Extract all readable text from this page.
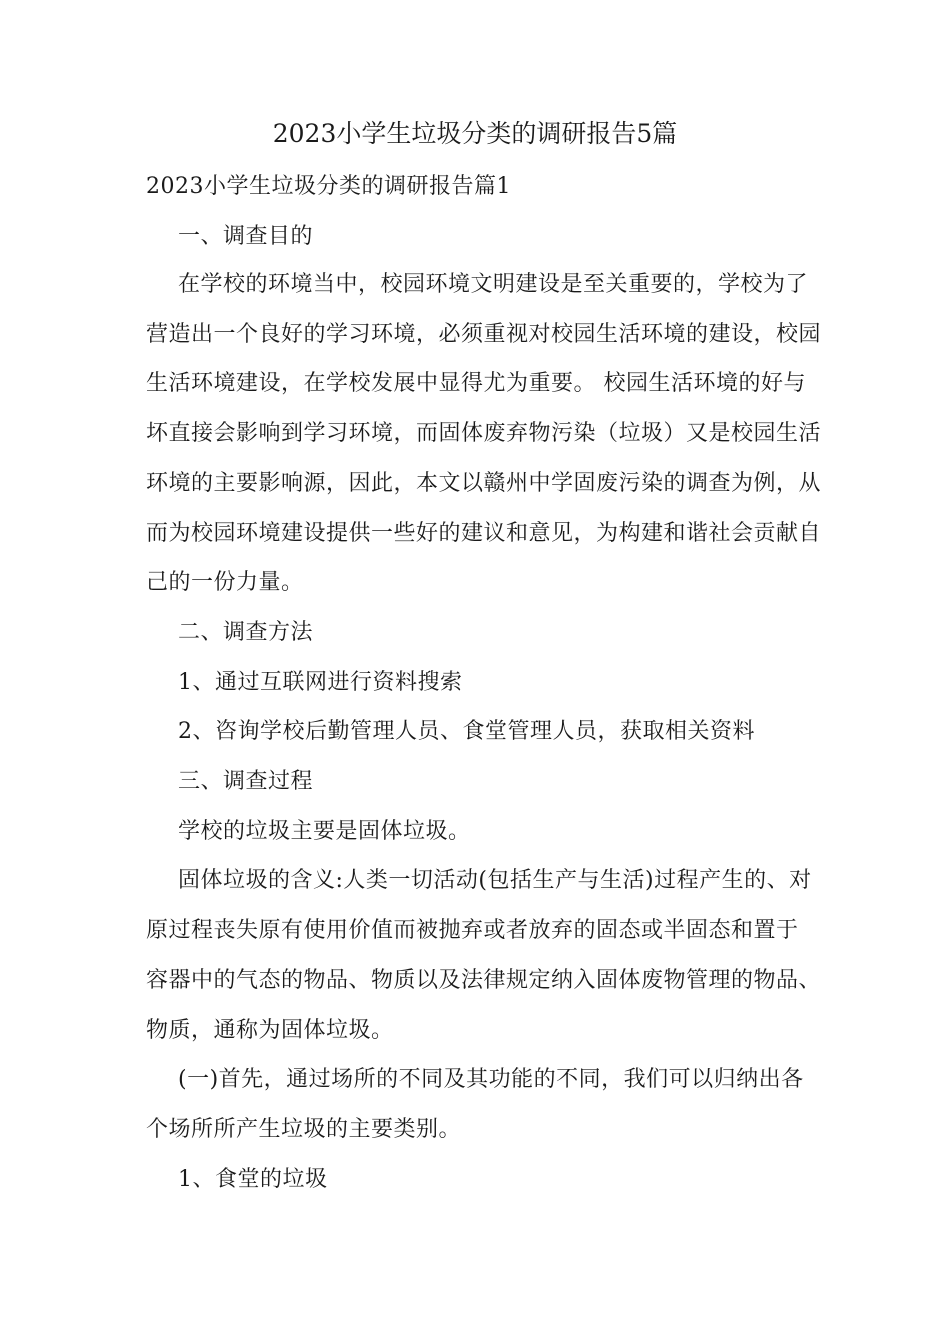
2023小学生垃圾分类的调研报告5篇

2023小学生垃圾分类的调研报告篇1

一、调查目的

在学校的环境当中，校园环境文明建设是至关重要的，学校为了

营造出一个良好的学习环境，必须重视对校园生活环境的建设，校园

生活环境建设，在学校发展中显得尤为重要。 校园生活环境的好与

坏直接会影响到学习环境，而固体废弃物污染（垃圾）又是校园生活

环境的主要影响源，因此，本文以赣州中学固废污染的调查为例，从

而为校园环境建设提供一些好的建议和意见，为构建和谐社会贡献自

己的一份力量。

二、调查方法

1、通过互联网进行资料搜索

2、咨询学校后勤管理人员、食堂管理人员，获取相关资料

三、调查过程

学校的垃圾主要是固体垃圾。

固体垃圾的含义:人类一切活动(包括生产与生活)过程产生的、对

原过程丧失原有使用价值而被抛弃或者放弃的固态或半固态和置于

容器中的气态的物品、物质以及法律规定纳入固体废物管理的物品、

物质，通称为固体垃圾。

(一)首先，通过场所的不同及其功能的不同，我们可以归纳出各

个场所所产生垃圾的主要类别。

1、食堂的垃圾
